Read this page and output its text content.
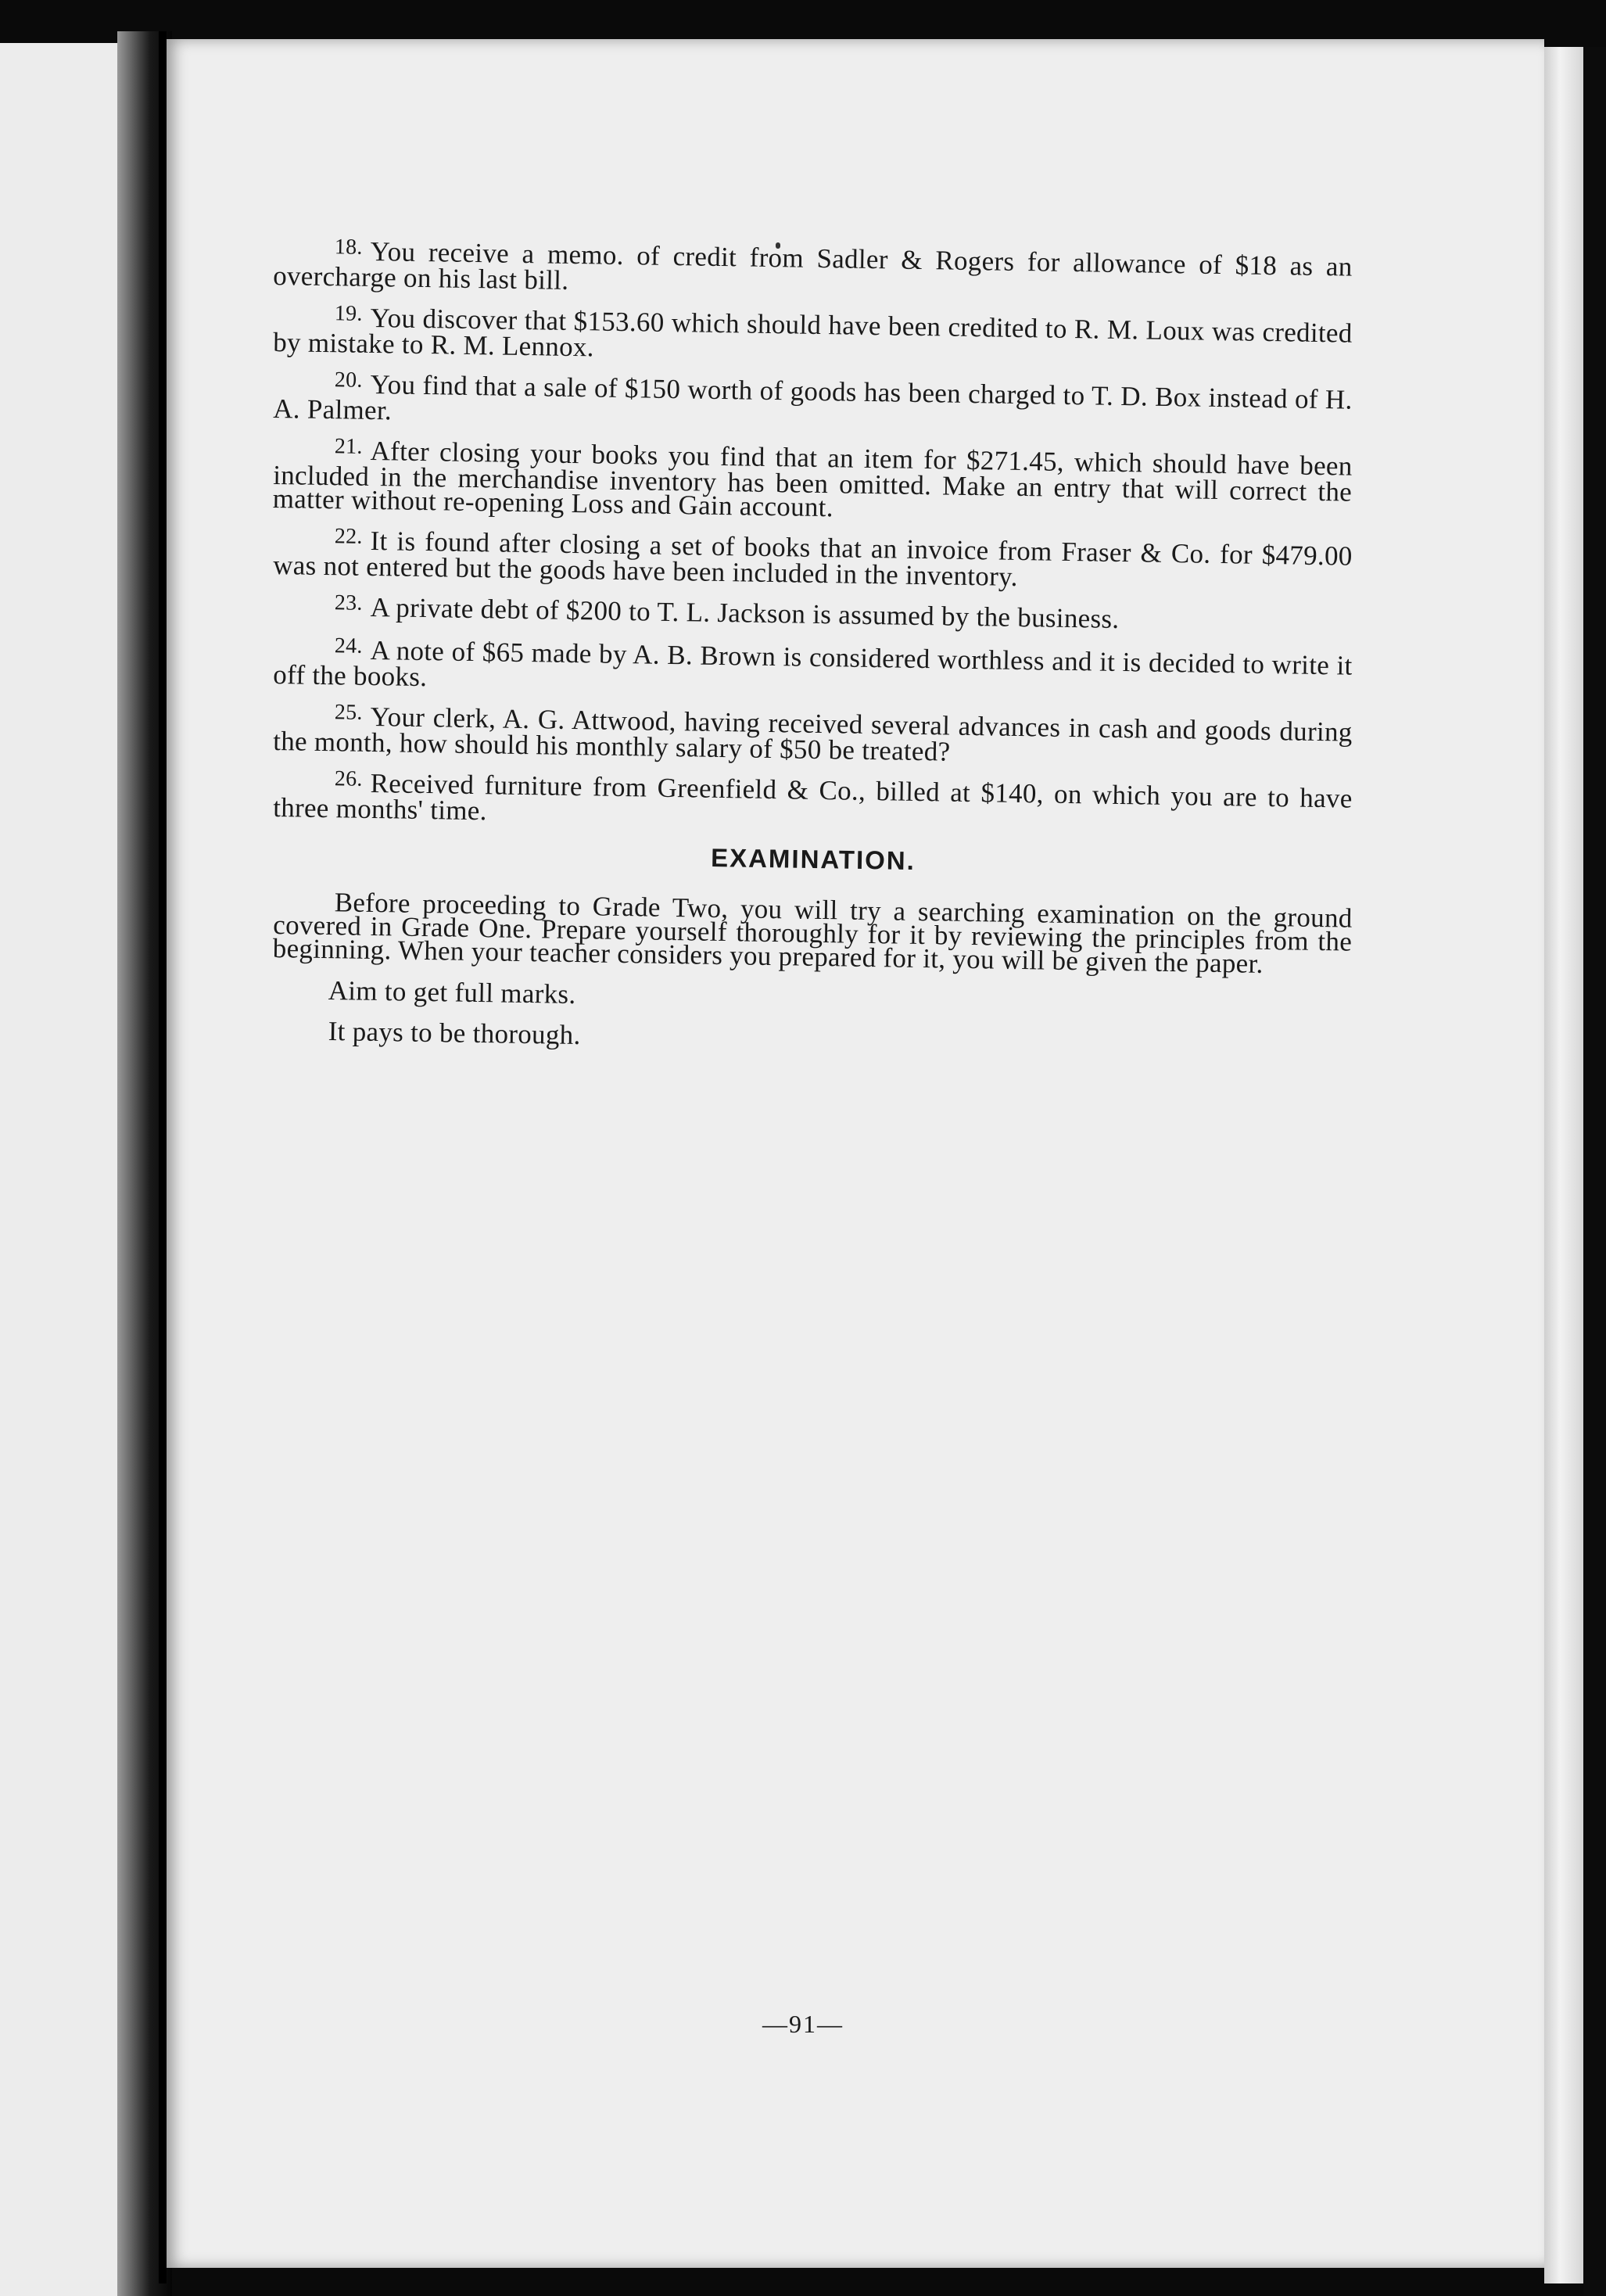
18. You receive a memo. of credit from Sadler & Rogers for allowance of $18 as an overcharge on his last bill.
19. You discover that $153.60 which should have been credited to R. M. Loux was credited by mistake to R. M. Lennox.
20. You find that a sale of $150 worth of goods has been charged to T. D. Box instead of H. A. Palmer.
21. After closing your books you find that an item for $271.45, which should have been included in the merchandise inventory has been omitted. Make an entry that will correct the matter without re-opening Loss and Gain account.
22. It is found after closing a set of books that an invoice from Fraser & Co. for $479.00 was not entered but the goods have been included in the inventory.
23. A private debt of $200 to T. L. Jackson is assumed by the business.
24. A note of $65 made by A. B. Brown is considered worthless and it is decided to write it off the books.
25. Your clerk, A. G. Attwood, having received several advances in cash and goods during the month, how should his monthly salary of $50 be treated?
26. Received furniture from Greenfield & Co., billed at $140, on which you are to have three months' time.
EXAMINATION.
Before proceeding to Grade Two, you will try a searching examination on the ground covered in Grade One. Prepare yourself thoroughly for it by reviewing the principles from the beginning. When your teacher considers you prepared for it, you will be given the paper.
Aim to get full marks.
It pays to be thorough.
—91—
